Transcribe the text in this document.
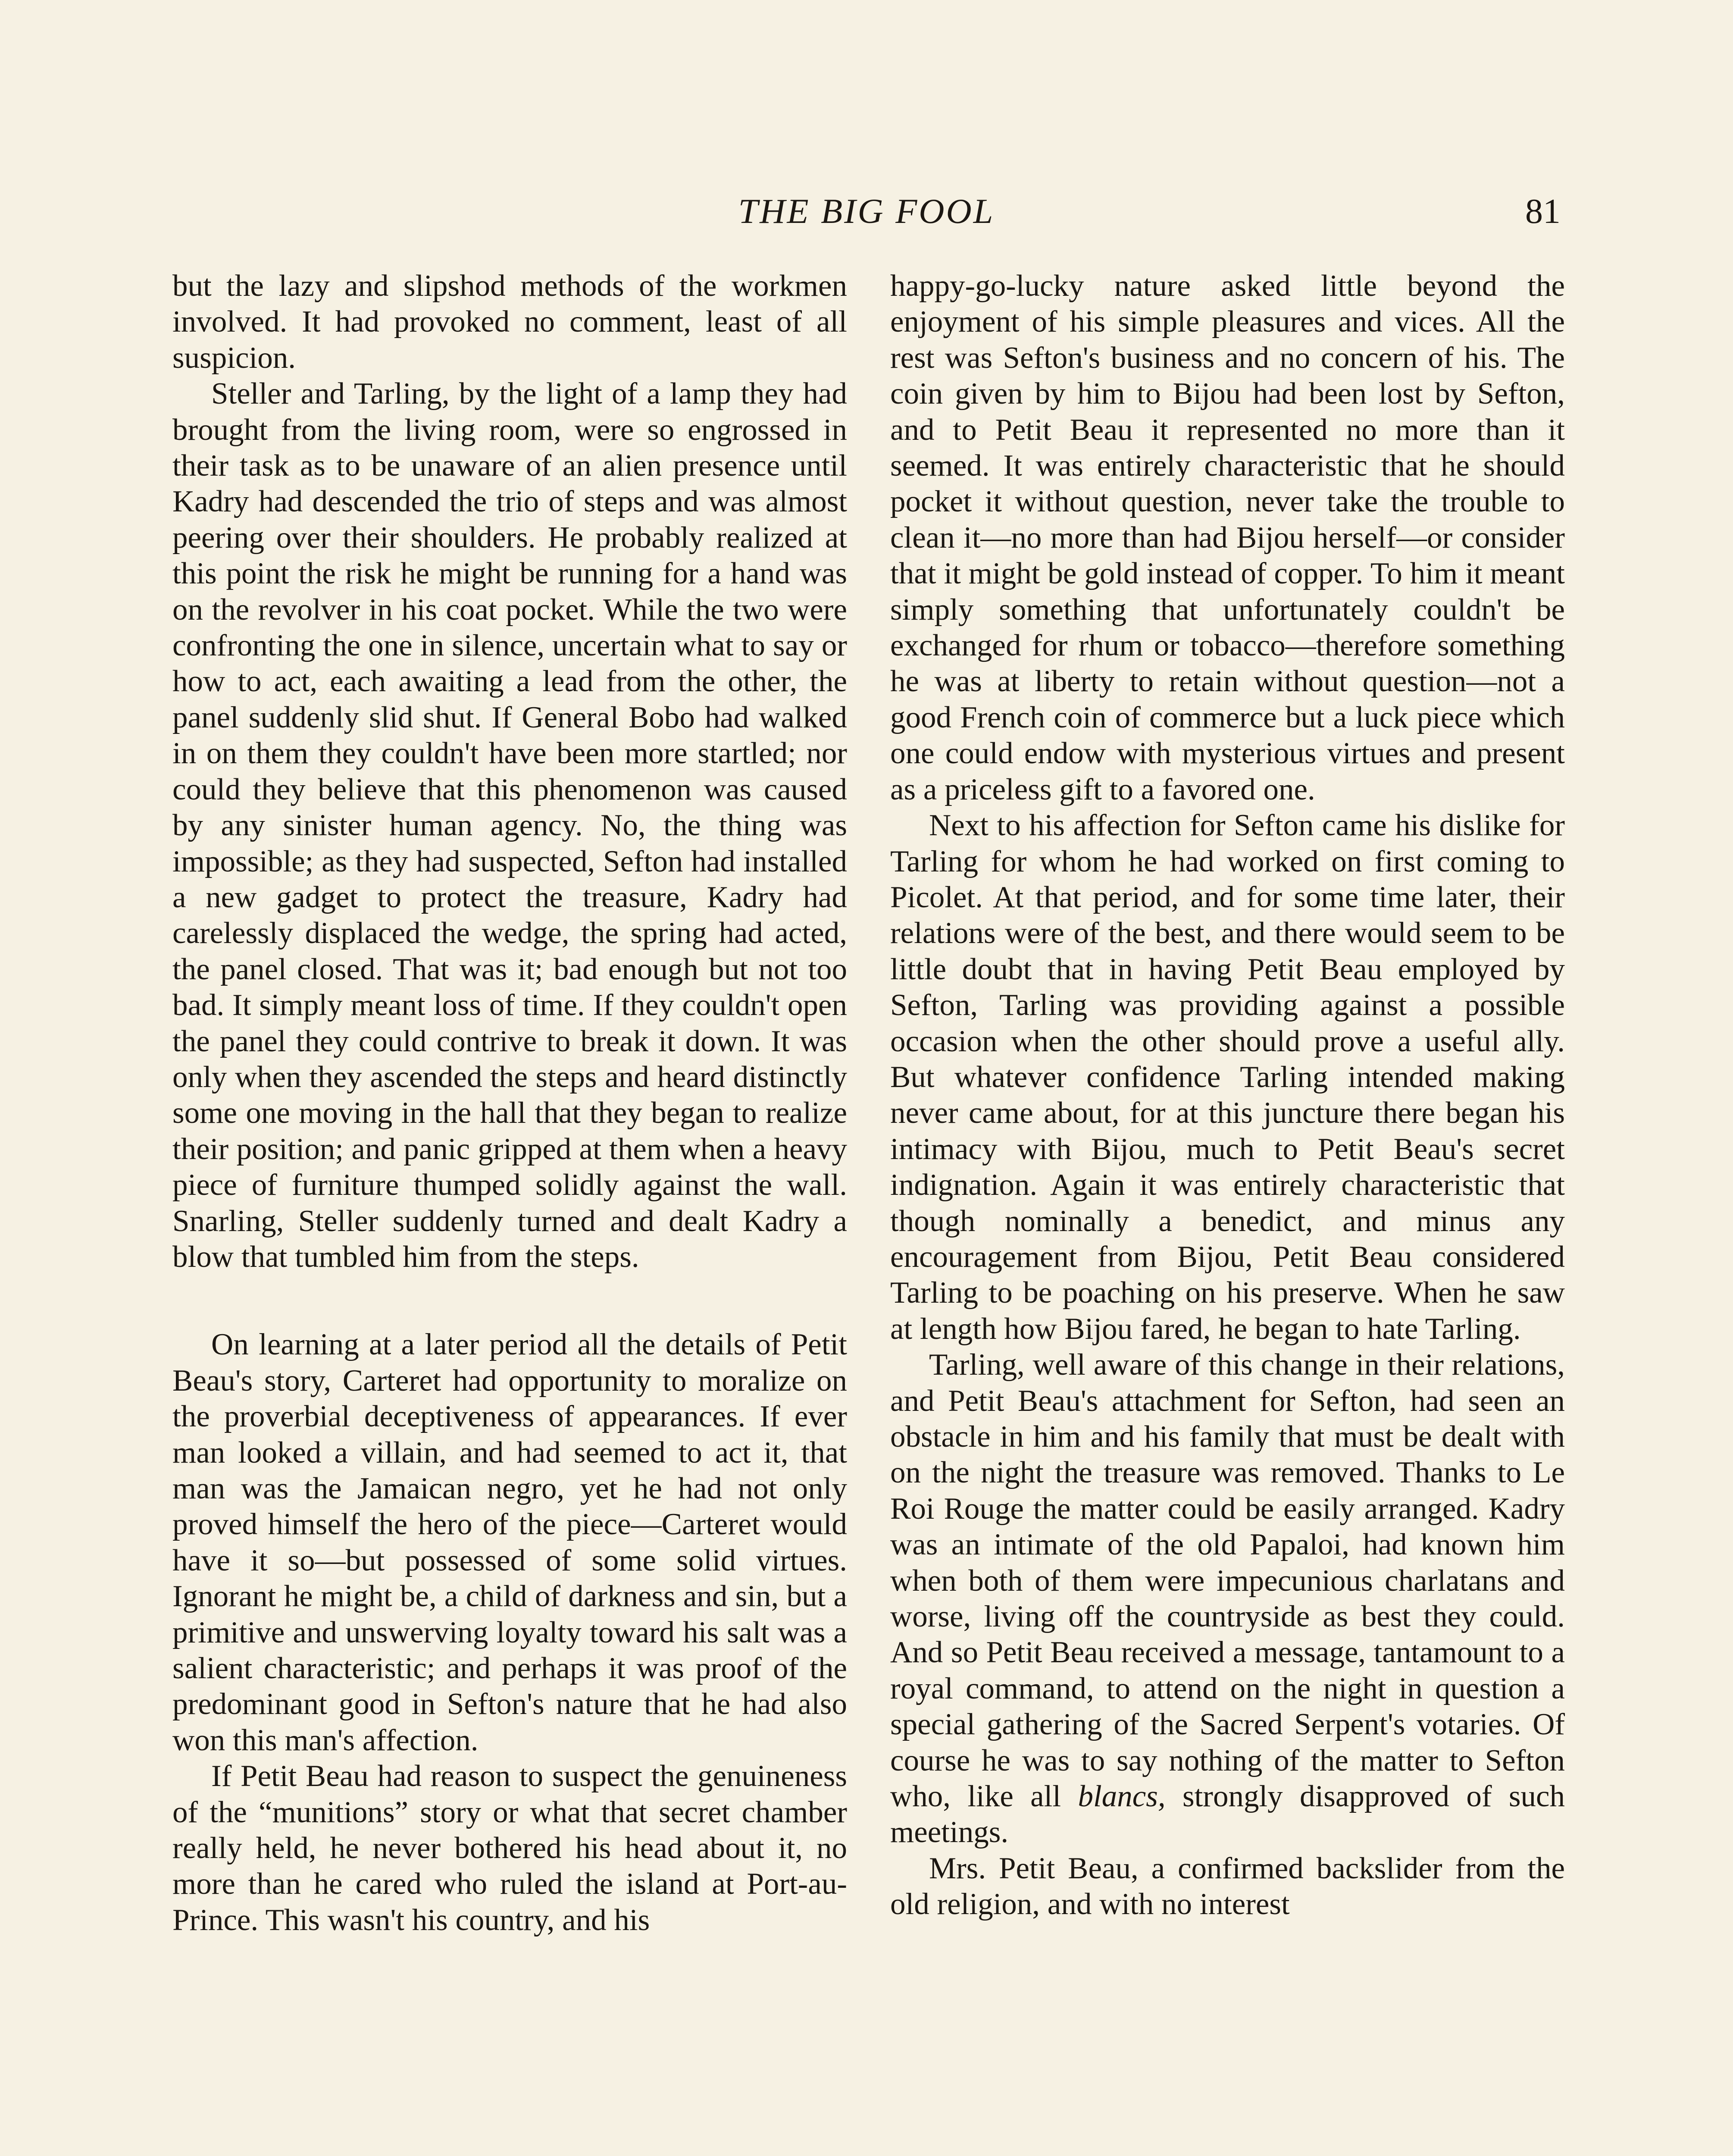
THE BIG FOOL	81

but the lazy and slipshod methods of the workmen involved. It had provoked no comment, least of all suspicion.

Steller and Tarling, by the light of a lamp they had brought from the living room, were so engrossed in their task as to be unaware of an alien presence until Kadry had descended the trio of steps and was almost peering over their shoulders. He probably realized at this point the risk he might be running for a hand was on the revolver in his coat pocket. While the two were confronting the one in silence, uncertain what to say or how to act, each awaiting a lead from the other, the panel suddenly slid shut. If General Bobo had walked in on them they couldn't have been more startled; nor could they believe that this phenomenon was caused by any sinister human agency. No, the thing was impossible; as they had suspected, Sefton had installed a new gadget to protect the treasure, Kadry had carelessly displaced the wedge, the spring had acted, the panel closed. That was it; bad enough but not too bad. It simply meant loss of time. If they couldn't open the panel they could contrive to break it down. It was only when they ascended the steps and heard distinctly some one moving in the hall that they began to realize their position; and panic gripped at them when a heavy piece of furniture thumped solidly against the wall. Snarling, Steller suddenly turned and dealt Kadry a blow that tumbled him from the steps.

On learning at a later period all the details of Petit Beau's story, Carteret had opportunity to moralize on the proverbial deceptiveness of appearances. If ever man looked a villain, and had seemed to act it, that man was the Jamaican negro, yet he had not only proved himself the hero of the piece—Carteret would have it so—but possessed of some solid virtues. Ignorant he might be, a child of darkness and sin, but a primitive and unswerving loyalty toward his salt was a salient characteristic; and perhaps it was proof of the predominant good in Sefton's nature that he had also won this man's affection.

If Petit Beau had reason to suspect the genuineness of the “munitions” story or what that secret chamber really held, he never bothered his head about it, no more than he cared who ruled the island at Port-au-Prince. This wasn't his country, and his

happy-go-lucky nature asked little beyond the enjoyment of his simple pleasures and vices. All the rest was Sefton's business and no concern of his. The coin given by him to Bijou had been lost by Sefton, and to Petit Beau it represented no more than it seemed. It was entirely characteristic that he should pocket it without question, never take the trouble to clean it—no more than had Bijou herself—or consider that it might be gold instead of copper. To him it meant simply something that unfortunately couldn't be exchanged for rhum or tobacco—therefore something he was at liberty to retain without question—not a good French coin of commerce but a luck piece which one could endow with mysterious virtues and present as a priceless gift to a favored one.

Next to his affection for Sefton came his dislike for Tarling for whom he had worked on first coming to Picolet. At that period, and for some time later, their relations were of the best, and there would seem to be little doubt that in having Petit Beau employed by Sefton, Tarling was providing against a possible occasion when the other should prove a useful ally. But whatever confidence Tarling intended making never came about, for at this juncture there began his intimacy with Bijou, much to Petit Beau's secret indignation. Again it was entirely characteristic that though nominally a benedict, and minus any encouragement from Bijou, Petit Beau considered Tarling to be poaching on his preserve. When he saw at length how Bijou fared, he began to hate Tarling.

Tarling, well aware of this change in their relations, and Petit Beau's attachment for Sefton, had seen an obstacle in him and his family that must be dealt with on the night the treasure was removed. Thanks to Le Roi Rouge the matter could be easily arranged. Kadry was an intimate of the old Papaloi, had known him when both of them were impecunious charlatans and worse, living off the countryside as best they could. And so Petit Beau received a message, tantamount to a royal command, to attend on the night in question a special gathering of the Sacred Serpent's votaries. Of course he was to say nothing of the matter to Sefton who, like all blancs, strongly disapproved of such meetings.

Mrs. Petit Beau, a confirmed backslider from the old religion, and with no interest
